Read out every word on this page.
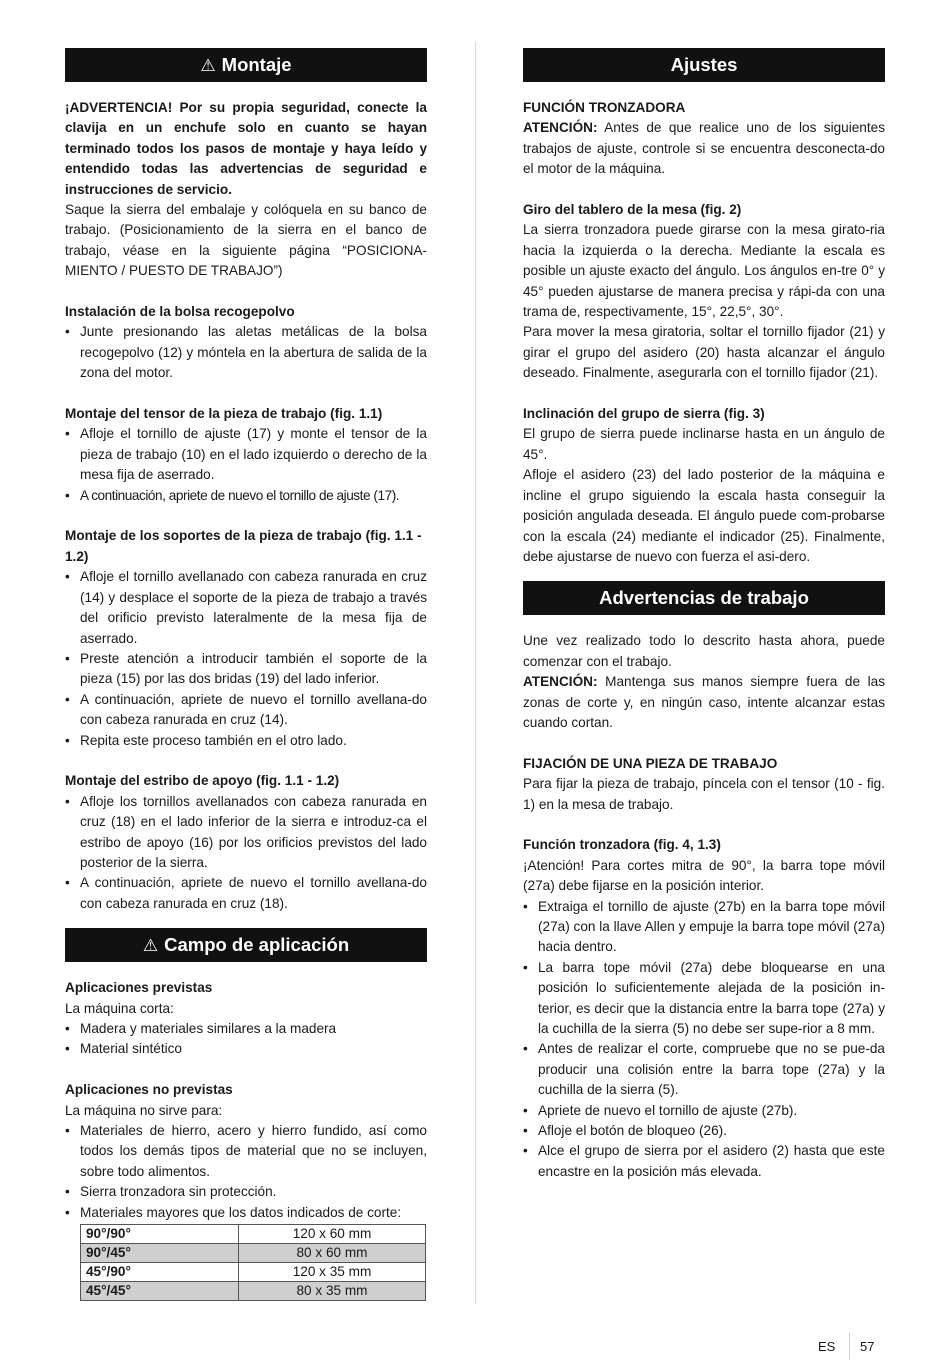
⚠ Montaje

¡ADVERTENCIA! Por su propia seguridad, conecte la clavija en un enchufe solo en cuanto se hayan terminado todos los pasos de montaje y haya leído y entendido todas las advertencias de seguridad e instrucciones de servicio.

Saque la sierra del embalaje y colóquela en su banco de trabajo. (Posicionamiento de la sierra en el banco de trabajo, véase en la siguiente página “POSICIONA-MIENTO / PUESTO DE TRABAJO”)

Instalación de la bolsa recogepolvo

• Junte presionando las aletas metálicas de la bolsa recogepolvo (12) y móntela en la abertura de salida de la zona del motor.

Montaje del tensor de la pieza de trabajo (fig. 1.1)

• Afloje el tornillo de ajuste (17) y monte el tensor de la pieza de trabajo (10) en el lado izquierdo o derecho de la mesa fija de aserrado.
• A continuación, apriete de nuevo el tornillo de ajuste (17).

Montaje de los soportes de la pieza de trabajo (fig. 1.1 - 1.2)

• Afloje el tornillo avellanado con cabeza ranurada en cruz (14) y desplace el soporte de la pieza de trabajo a través del orificio previsto lateralmente de la mesa fija de aserrado.
• Preste atención a introducir también el soporte de la pieza (15) por las dos bridas (19) del lado inferior.
• A continuación, apriete de nuevo el tornillo avellana-do con cabeza ranurada en cruz (14).
• Repita este proceso también en el otro lado.

Montaje del estribo de apoyo (fig. 1.1 - 1.2)

• Afloje los tornillos avellanados con cabeza ranurada en cruz (18) en el lado inferior de la sierra e introduz-ca el estribo de apoyo (16) por los orificios previstos del lado posterior de la sierra.
• A continuación, apriete de nuevo el tornillo avellana-do con cabeza ranurada en cruz (18).
⚠ Campo de aplicación

Aplicaciones previstas

La máquina corta:

• Madera y materiales similares a la madera
• Material sintético

Aplicaciones no previstas

La máquina no sirve para:

• Materiales de hierro, acero y hierro fundido, así como todos los demás tipos de material que no se incluyen, sobre todo alimentos.
• Sierra tronzadora sin protección.
• Materiales mayores que los datos indicados de corte:
90°/90°	120 x 60 mm
90°/45°	80 x 60 mm
45°/90°	120 x 35 mm
45°/45°	80 x 35 mm
Ajustes

FUNCIÓN TRONZADORA

ATENCIÓN: Antes de que realice uno de los siguientes trabajos de ajuste, controle si se encuentra desconecta-do el motor de la máquina.

Giro del tablero de la mesa (fig. 2)

La sierra tronzadora puede girarse con la mesa girato-ria hacia la izquierda o la derecha. Mediante la escala es posible un ajuste exacto del ángulo. Los ángulos en-tre 0° y 45° pueden ajustarse de manera precisa y rápi-da con una trama de, respectivamente, 15°, 22,5°, 30°.

Para mover la mesa giratoria, soltar el tornillo fijador (21) y girar el grupo del asidero (20) hasta alcanzar el ángulo deseado. Finalmente, asegurarla con el tornillo fijador (21).

Inclinación del grupo de sierra (fig. 3)

El grupo de sierra puede inclinarse hasta en un ángulo de 45°.

Afloje el asidero (23) del lado posterior de la máquina e incline el grupo siguiendo la escala hasta conseguir la posición angulada deseada. El ángulo puede com-probarse con la escala (24) mediante el indicador (25). Finalmente, debe ajustarse de nuevo con fuerza el asi-dero.

Advertencias de trabajo

Une vez realizado todo lo descrito hasta ahora, puede comenzar con el trabajo.

ATENCIÓN: Mantenga sus manos siempre fuera de las zonas de corte y, en ningún caso, intente alcanzar estas cuando cortan.

FIJACIÓN DE UNA PIEZA DE TRABAJO

Para fijar la pieza de trabajo, píncela con el tensor (10 - fig. 1) en la mesa de trabajo.

Función tronzadora (fig. 4, 1.3)

¡Atención! Para cortes mitra de 90°, la barra tope móvil (27a) debe fijarse en la posición interior.

• Extraiga el tornillo de ajuste (27b) en la barra tope móvil (27a) con la llave Allen y empuje la barra tope móvil (27a) hacia dentro.
• La barra tope móvil (27a) debe bloquearse en una posición lo suficientemente alejada de la posición in-terior, es decir que la distancia entre la barra tope (27a) y la cuchilla de la sierra (5) no debe ser supe-rior a 8 mm.
• Antes de realizar el corte, compruebe que no se pue-da producir una colisión entre la barra tope (27a) y la cuchilla de la sierra (5).
• Apriete de nuevo el tornillo de ajuste (27b).
• Afloje el botón de bloqueo (26).
• Alce el grupo de sierra por el asidero (2) hasta que este encastre en la posición más elevada.
ES 57
